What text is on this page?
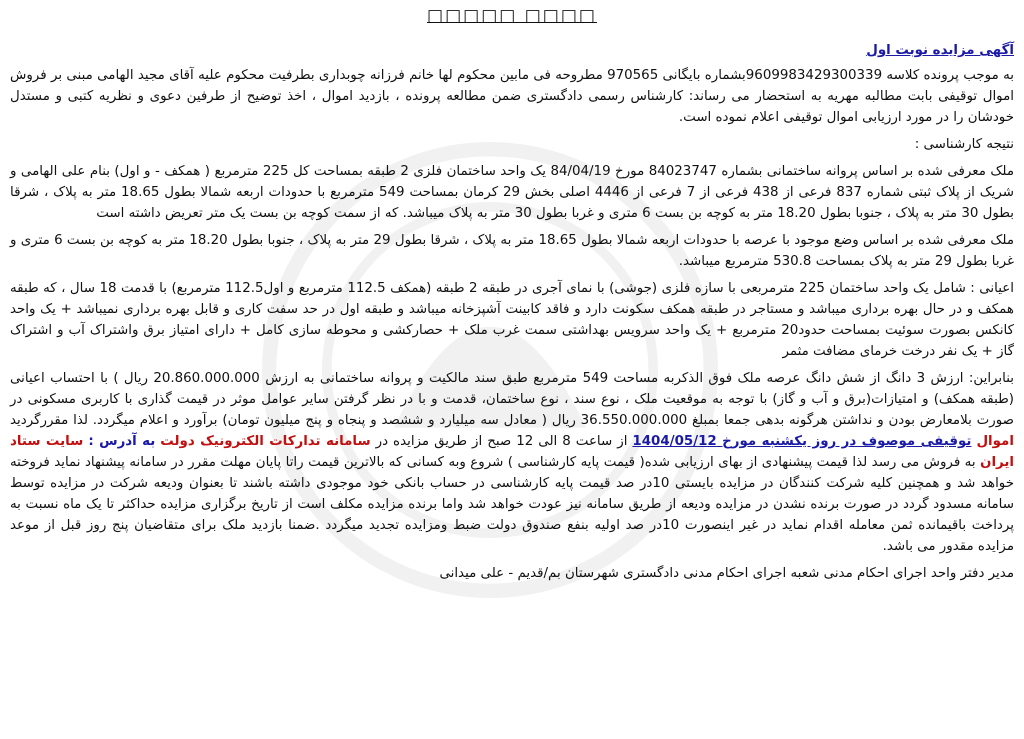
□□□□□ □□□□

آگهی مزایده نوبت اول

به موجب پرونده کلاسه 9609983429300339بشماره بایگانی 970565 مطروحه فی مابین محکوم لها خانم فرزانه چوبداری بطرفیت محکوم علیه آقای مجید الهامی مبنی بر فروش اموال توقیفی بابت مطالبه مهریه به استحضار می رساند: کارشناس رسمی دادگستری ضمن مطالعه پرونده ، بازدید اموال ، اخذ توضیح از طرفین دعوی و نظریه کتبی و مستدل خودشان را در مورد ارزیابی اموال توقیفی اعلام نموده است.

نتیجه کارشناسی :

ملک معرفی شده بر اساس پروانه ساختمانی بشماره 84023747 مورخ 84/04/19 یک واحد ساختمان فلزی 2 طبقه بمساحت کل 225 مترمربع ( همکف - و اول) بنام علی الهامی و شریک از پلاک ثبتی شماره 837 فرعی از 438 فرعی از 7 فرعی از 4446 اصلی بخش 29 کرمان بمساحت 549 مترمربع با حدودات اربعه شمالا بطول 18.65 متر به پلاک ، شرقا بطول 30 متر به پلاک ، جنوبا بطول 18.20 متر به کوچه بن بست 6 متری و غربا بطول 30 متر به پلاک میباشد. که از سمت کوچه بن بست یک متر تعریض داشته است

ملک معرفی شده بر اساس وضع موجود با عرصه با حدودات اربعه شمالا بطول 18.65 متر به پلاک ، شرقا بطول 29 متر به پلاک ، جنوبا بطول 18.20 متر به کوچه بن بست 6 متری و غربا بطول 29 متر به پلاک بمساحت 530.8 مترمربع میباشد.

اعیانی : شامل یک واحد ساختمان 225 مترمربعی با سازه فلزی (جوشی) با نمای آجری در طبقه 2 طبقه (همکف 112.5 مترمربع و اول112.5 مترمربع) با قدمت 18 سال ، که طبقه همکف و در حال بهره برداری میباشد و مستاجر در طبقه همکف سکونت دارد و فاقد کابینت آشپزخانه میباشد و طبقه اول در حد سفت کاری و قابل بهره برداری نمیباشد + یک واحد کانکس بصورت سوئیت بمساحت حدود20 مترمربع + یک واحد سرویس بهداشتی سمت غرب ملک + حصارکشی و محوطه سازی کامل + دارای امتیاز برق واشتراک آب و اشتراک گاز + یک نفر درخت خرمای مضافت مثمر

بنابراین: ارزش 3 دانگ از شش دانگ عرصه ملک فوق الذکربه مساحت 549 مترمربع طبق سند مالکیت و پروانه ساختمانی به ارزش 20.860.000.000 ریال ) با احتساب اعیانی (طبقه همکف) و امتیازات(برق و آب و گاز) با توجه به موقعیت ملک ، نوع سند ، نوع ساختمان، قدمت و با در نظر گرفتن سایر عوامل موثر در قیمت گذاری با کاربری مسکونی در صورت بلامعارض بودن و نداشتن هرگونه بدهی جمعا بمبلغ 36.550.000.000 ریال ( معادل سه میلیارد و ششصد و پنجاه و پنج میلیون تومان) برآورد و اعلام میگردد. لذا مقررگردید اموال توقیفی موصوف در روز یکشنبه مورخ 1404/05/12 از ساعت 8 الی 12 صبح از طریق مزایده در سامانه تدارکات الکترونیک دولت به آدرس : سایت ستاد ایران به فروش می رسد لذا قیمت پیشنهادی از بهای ارزیابی شده( قیمت پایه کارشناسی ) شروع وبه کسانی که بالاترین قیمت راتا پایان مهلت مقرر در سامانه پیشنهاد نماید فروخته خواهد شد و همچنین کلیه شرکت کنندگان در مزایده بایستی 10در صد قیمت پایه کارشناسی در حساب بانکی خود موجودی داشته باشند تا بعنوان ودیعه شرکت در مزایده توسط سامانه مسدود گردد در صورت برنده نشدن در مزایده ودیعه از طریق سامانه نیز عودت خواهد شد واما برنده مزایده مکلف است از تاریخ برگزاری مزایده حداکثر تا یک ماه نسبت به پرداخت باقیمانده ثمن معامله اقدام نماید در غیر اینصورت 10در صد اولیه بنفع صندوق دولت ضبط ومزایده تجدید میگردد .ضمنا بازدید ملک برای متقاضیان پنج روز قبل از موعد مزایده مقدور می باشد.

مدیر دفتر واحد اجرای احکام مدنی شعبه اجرای احکام مدنی دادگستری شهرستان بم/قدیم - علی میدانی
